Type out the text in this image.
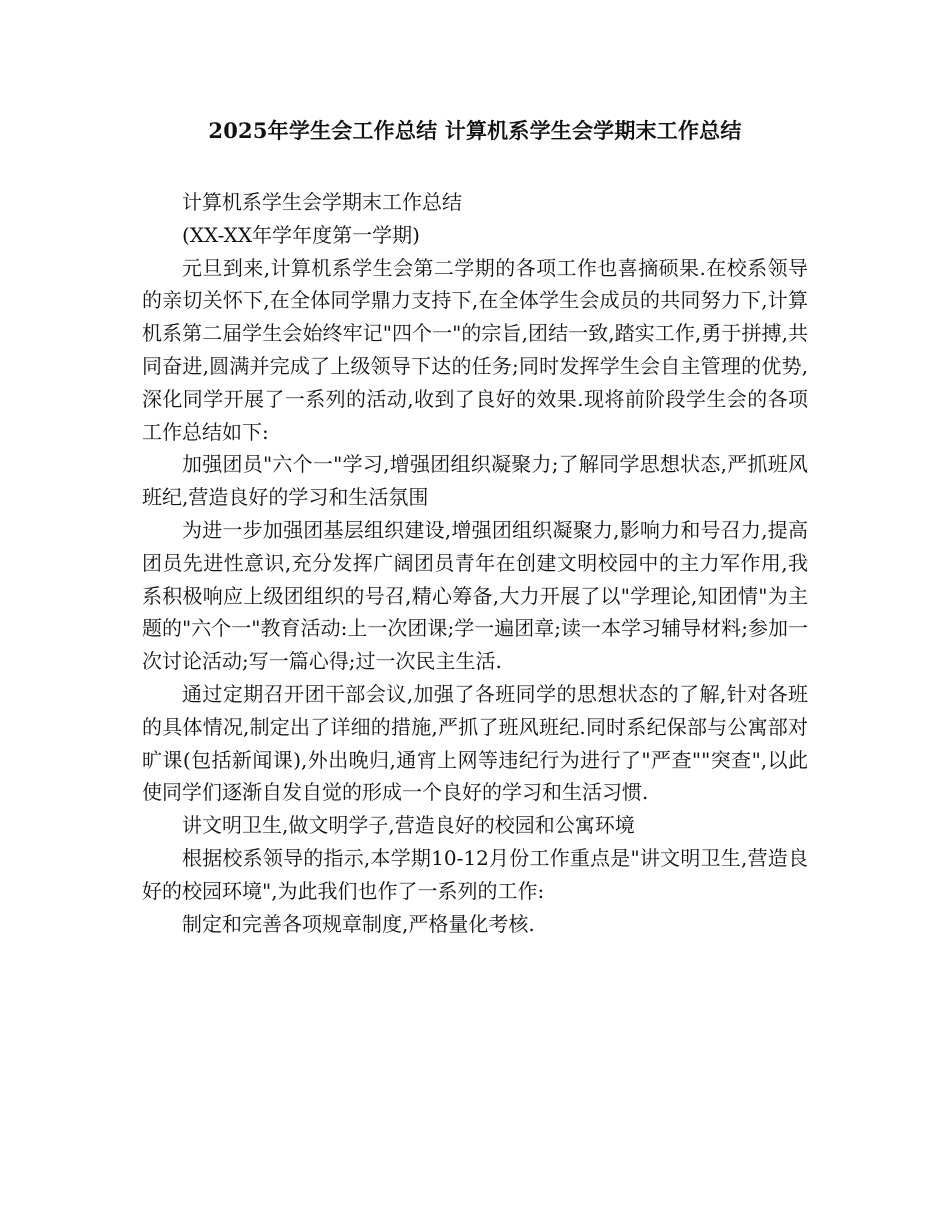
2025年学生会工作总结 计算机系学生会学期末工作总结

计算机系学生会学期末工作总结

(XX-XX年学年度第一学期)

元旦到来,计算机系学生会第二学期的各项工作也喜摘硕果.在校系领导的亲切关怀下,在全体同学鼎力支持下,在全体学生会成员的共同努力下,计算机系第二届学生会始终牢记"四个一"的宗旨,团结一致,踏实工作,勇于拼搏,共同奋进,圆满并完成了上级领导下达的任务;同时发挥学生会自主管理的优势,深化同学开展了一系列的活动,收到了良好的效果.现将前阶段学生会的各项工作总结如下:

加强团员"六个一"学习,增强团组织凝聚力;了解同学思想状态,严抓班风班纪,营造良好的学习和生活氛围

为进一步加强团基层组织建设,增强团组织凝聚力,影响力和号召力,提高团员先进性意识,充分发挥广阔团员青年在创建文明校园中的主力军作用,我系积极响应上级团组织的号召,精心筹备,大力开展了以"学理论,知团情"为主题的"六个一"教育活动:上一次团课;学一遍团章;读一本学习辅导材料;参加一次讨论活动;写一篇心得;过一次民主生活.

通过定期召开团干部会议,加强了各班同学的思想状态的了解,针对各班的具体情况,制定出了详细的措施,严抓了班风班纪.同时系纪保部与公寓部对旷课(包括新闻课),外出晚归,通宵上网等违纪行为进行了"严查""突查",以此使同学们逐渐自发自觉的形成一个良好的学习和生活习惯.

讲文明卫生,做文明学子,营造良好的校园和公寓环境

根据校系领导的指示,本学期10-12月份工作重点是"讲文明卫生,营造良好的校园环境",为此我们也作了一系列的工作:

制定和完善各项规章制度,严格量化考核.
